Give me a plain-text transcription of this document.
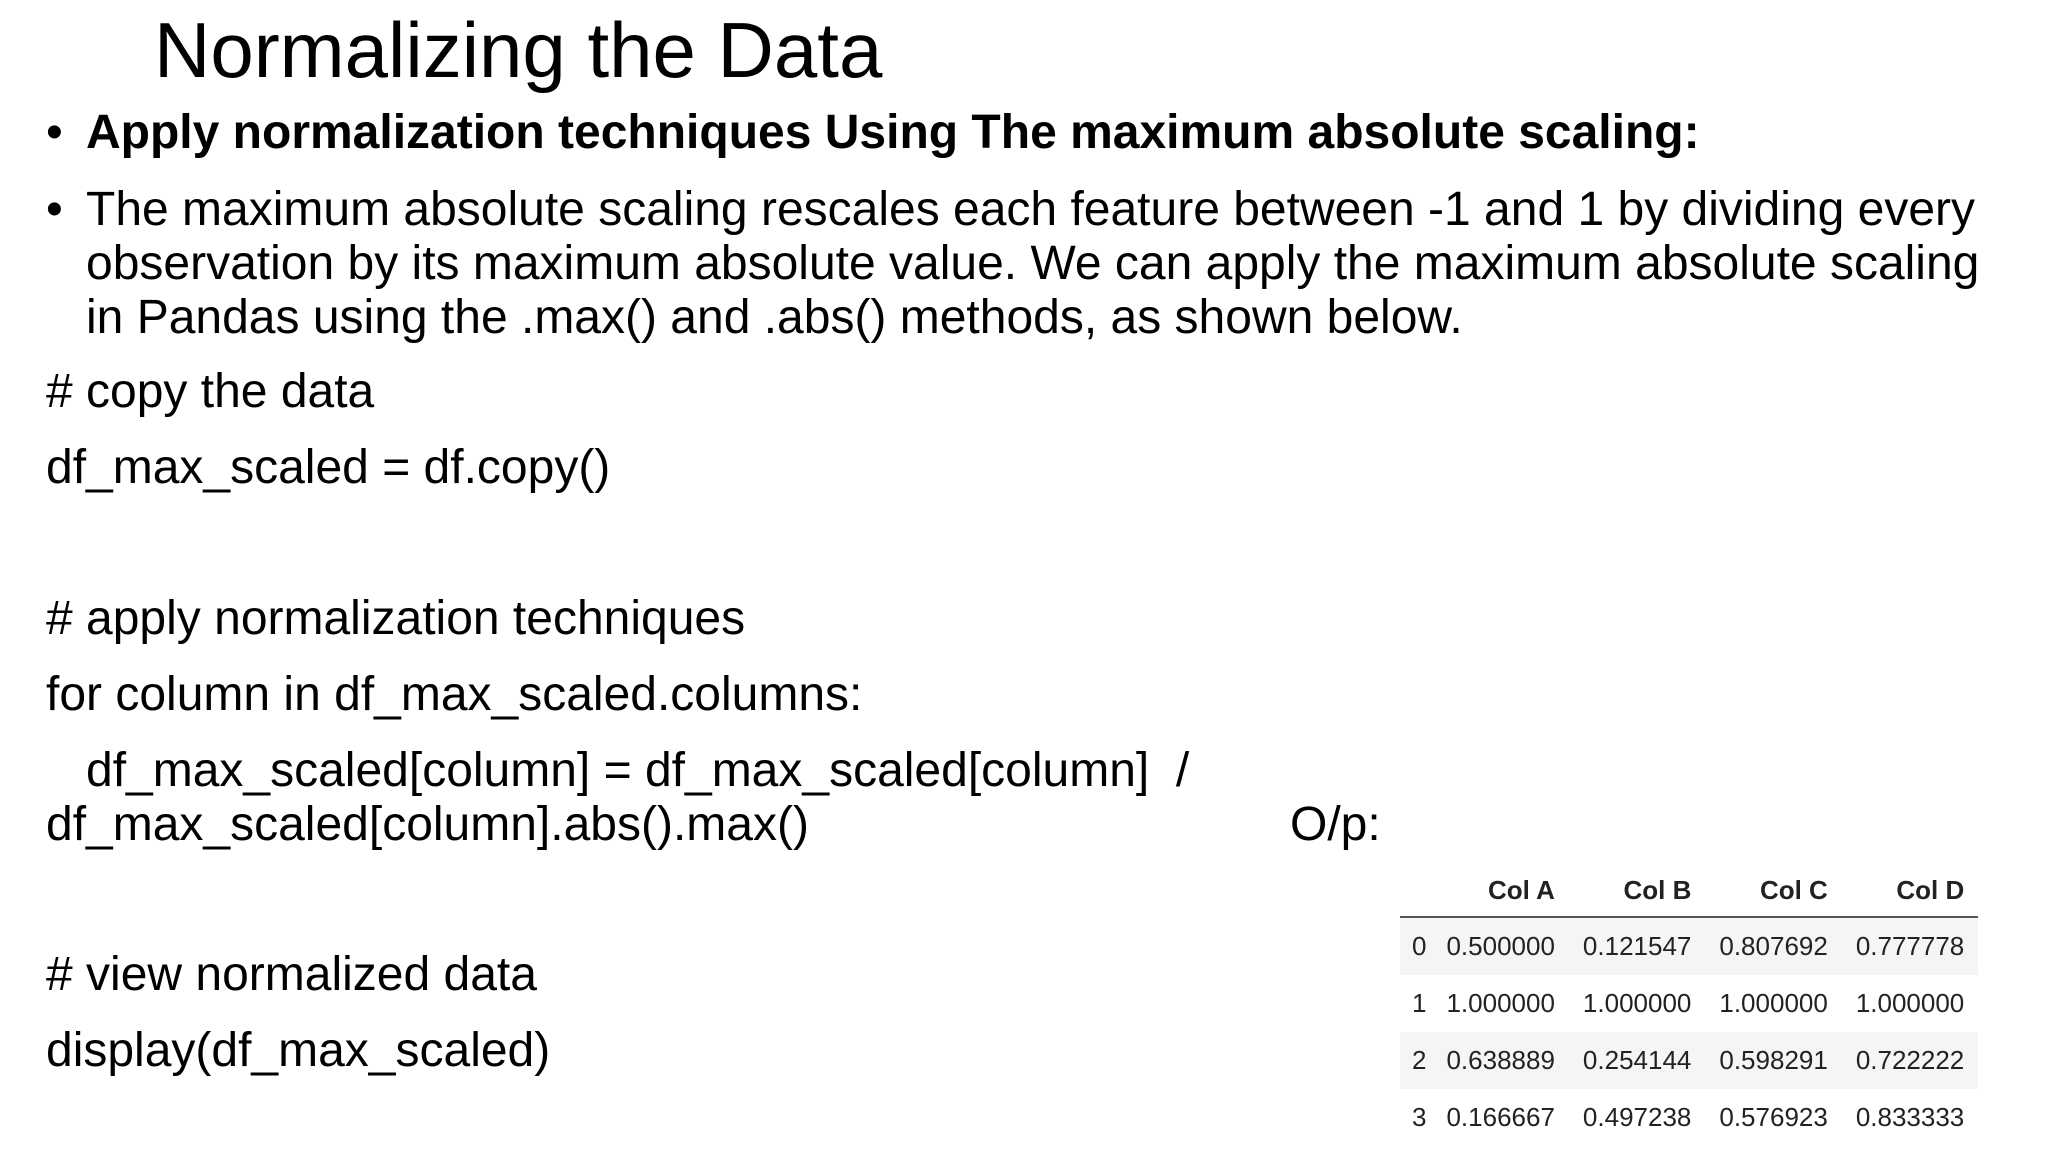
Normalizing the Data
• Apply normalization techniques Using The maximum absolute scaling:
• The maximum absolute scaling rescales each feature between -1 and 1 by dividing every observation by its maximum absolute value. We can apply the maximum absolute scaling in Pandas using the .max() and .abs() methods, as shown below.
# copy the data
df_max_scaled = df.copy()
# apply normalization techniques
for column in df_max_scaled.columns:
df_max_scaled[column] = df_max_scaled[column]  /
df_max_scaled[column].abs().max()
# view normalized data
display(df_max_scaled)
O/p:
	Col A	Col B	Col C	Col D
0	0.500000	0.121547	0.807692	0.777778
1	1.000000	1.000000	1.000000	1.000000
2	0.638889	0.254144	0.598291	0.722222
3	0.166667	0.497238	0.576923	0.833333
